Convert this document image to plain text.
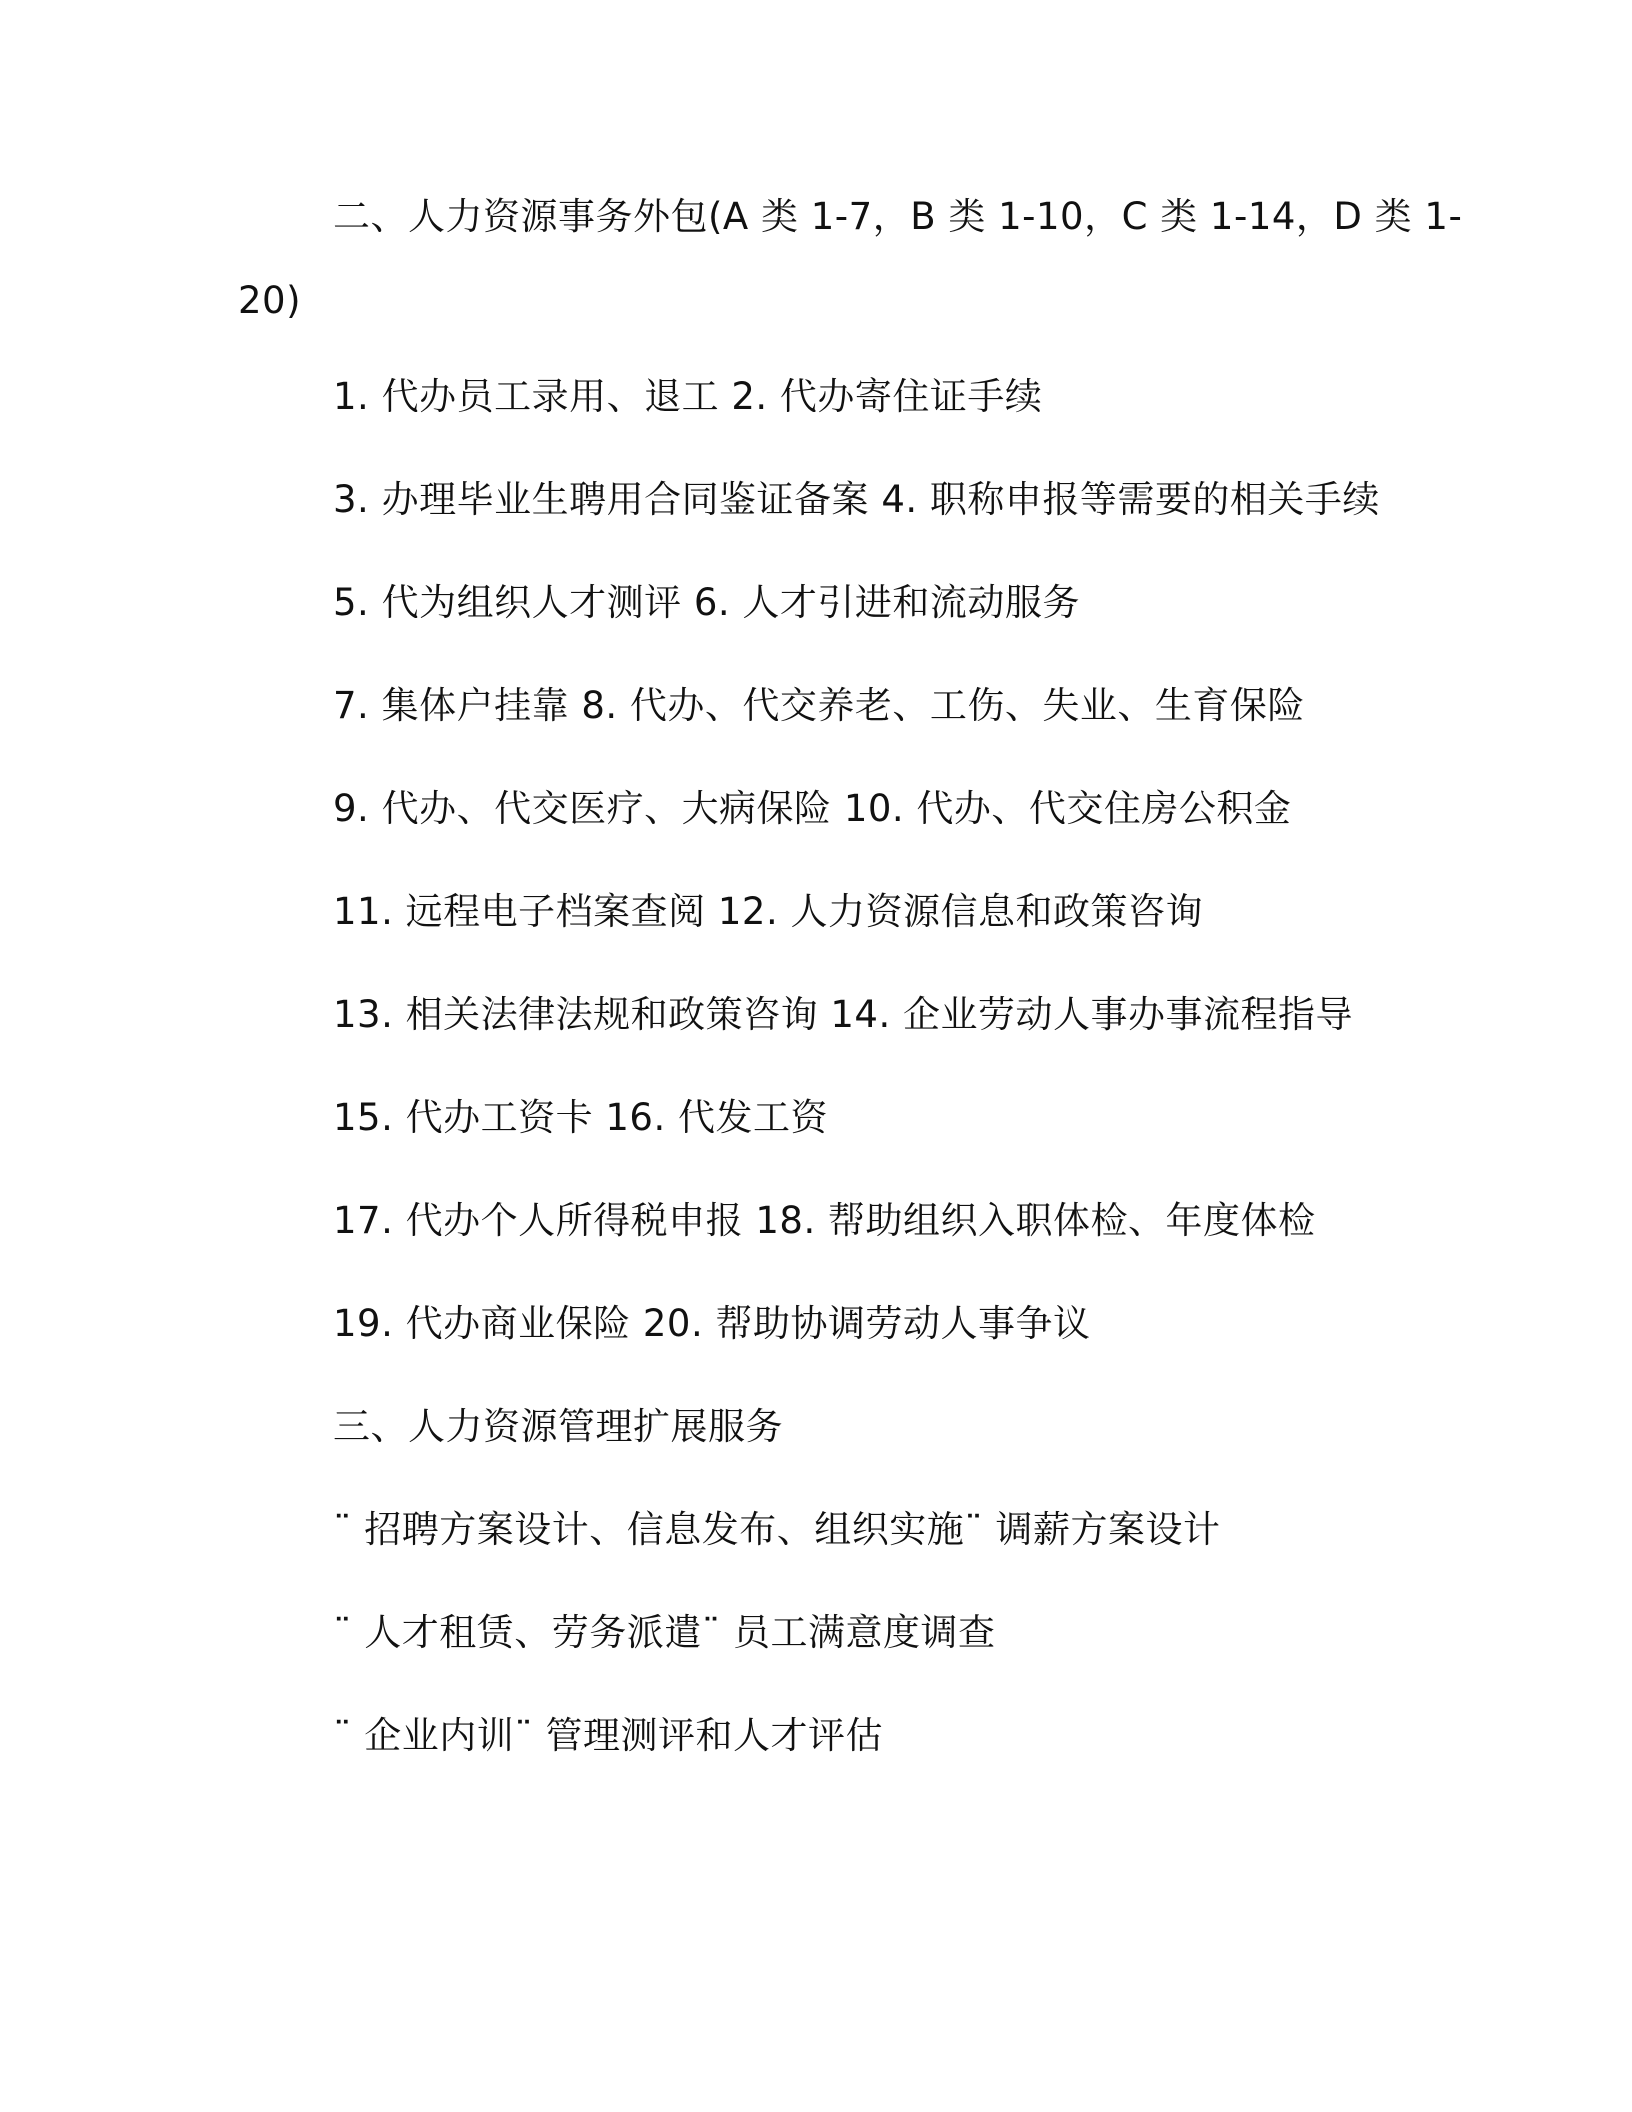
二、人力资源事务外包(A 类 1-7，B 类 1-10，C 类 1-14，D 类 1-
20)
1. 代办员工录用、退工 2. 代办寄住证手续
3. 办理毕业生聘用合同鉴证备案 4. 职称申报等需要的相关手续
5. 代为组织人才测评 6. 人才引进和流动服务
7. 集体户挂靠 8. 代办、代交养老、工伤、失业、生育保险
9. 代办、代交医疗、大病保险 10. 代办、代交住房公积金
11. 远程电子档案查阅 12. 人力资源信息和政策咨询
13. 相关法律法规和政策咨询 14. 企业劳动人事办事流程指导
15. 代办工资卡 16. 代发工资
17. 代办个人所得税申报 18. 帮助组织入职体检、年度体检
19. 代办商业保险 20. 帮助协调劳动人事争议
三、人力资源管理扩展服务
¨ 招聘方案设计、信息发布、组织实施¨ 调薪方案设计
¨ 人才租赁、劳务派遣¨ 员工满意度调查
¨ 企业内训¨ 管理测评和人才评估
